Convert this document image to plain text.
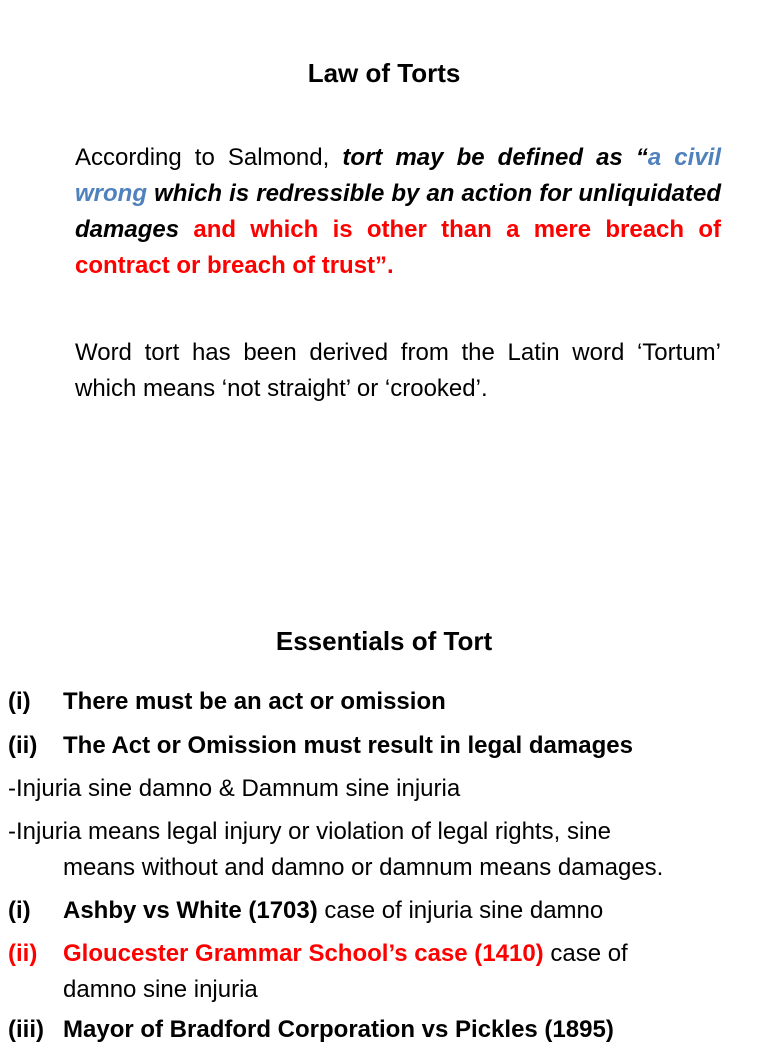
Law of Torts
According to Salmond, tort may be defined as “a civil wrong which is redressible by an action for unliquidated damages and which is other than a mere breach of contract or breach of trust”.
Word tort has been derived from the Latin word ‘Tortum’ which means ‘not straight’ or ‘crooked’.
Essentials of Tort
(i) There must be an act or omission
(ii) The Act or Omission must result in legal damages
-Injuria sine damno & Damnum sine injuria
-Injuria means legal injury or violation of legal rights, sine
means without and damno or damnum means damages.
(i) Ashby vs White (1703) case of injuria sine damno
(ii) Gloucester Grammar School’s case (1410) case of
damno sine injuria
(iii) Mayor of Bradford Corporation vs Pickles (1895)
